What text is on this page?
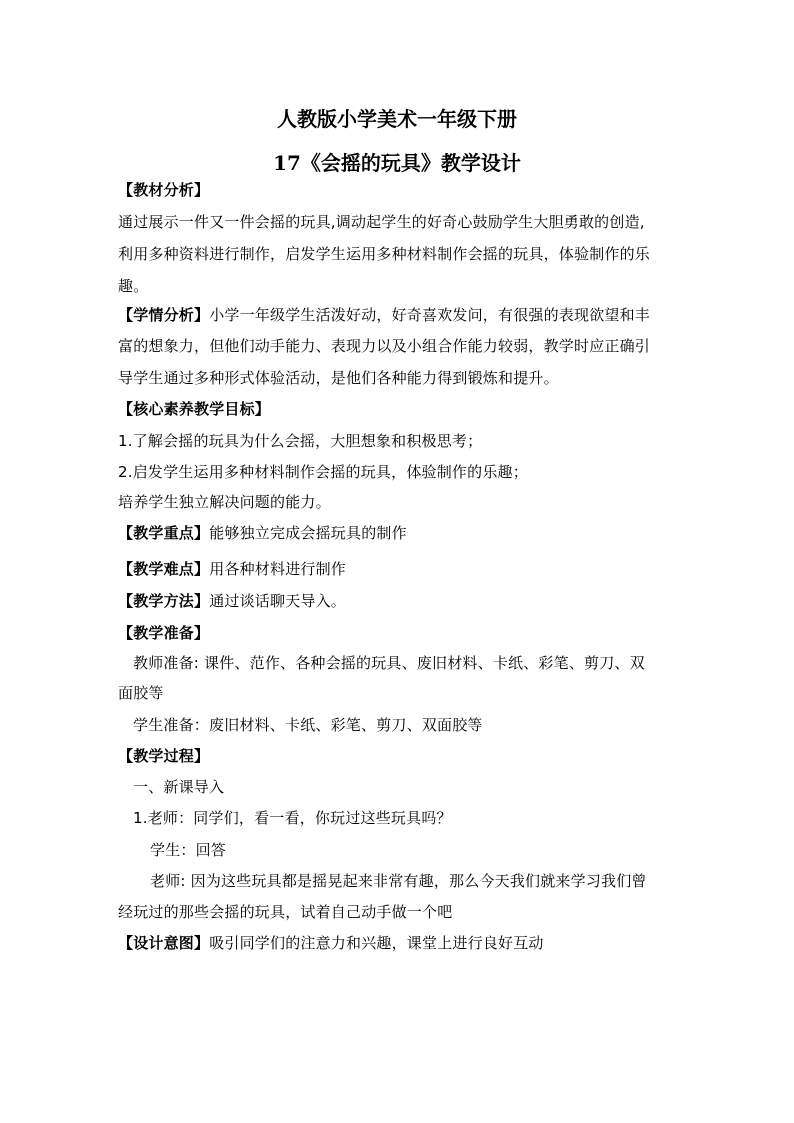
人教版小学美术一年级下册
17《会摇的玩具》教学设计
【教材分析】
通过展示一件又一件会摇的玩具,调动起学生的好奇心鼓励学生大胆勇敢的创造,
利用多种资料进行制作，启发学生运用多种材料制作会摇的玩具，体验制作的乐
趣。
【学情分析】小学一年级学生活泼好动，好奇喜欢发问，有很强的表现欲望和丰
富的想象力，但他们动手能力、表现力以及小组合作能力较弱，教学时应正确引
导学生通过多种形式体验活动，是他们各种能力得到锻炼和提升。
【核心素养教学目标】
1.了解会摇的玩具为什么会摇，大胆想象和积极思考；
2.启发学生运用多种材料制作会摇的玩具，体验制作的乐趣；
培养学生独立解决问题的能力。
【教学重点】能够独立完成会摇玩具的制作
【教学难点】用各种材料进行制作
【教学方法】通过谈话聊天导入。
【教学准备】
教师准备: 课件、范作、各种会摇的玩具、废旧材料、卡纸、彩笔、剪刀、双
面胶等
学生准备：废旧材料、卡纸、彩笔、剪刀、双面胶等
【教学过程】
一、新课导入
1.老师：同学们，看一看，你玩过这些玩具吗？
学生：回答
老师: 因为这些玩具都是摇晃起来非常有趣，那么今天我们就来学习我们曾
经玩过的那些会摇的玩具，试着自己动手做一个吧
【设计意图】吸引同学们的注意力和兴趣，课堂上进行良好互动
